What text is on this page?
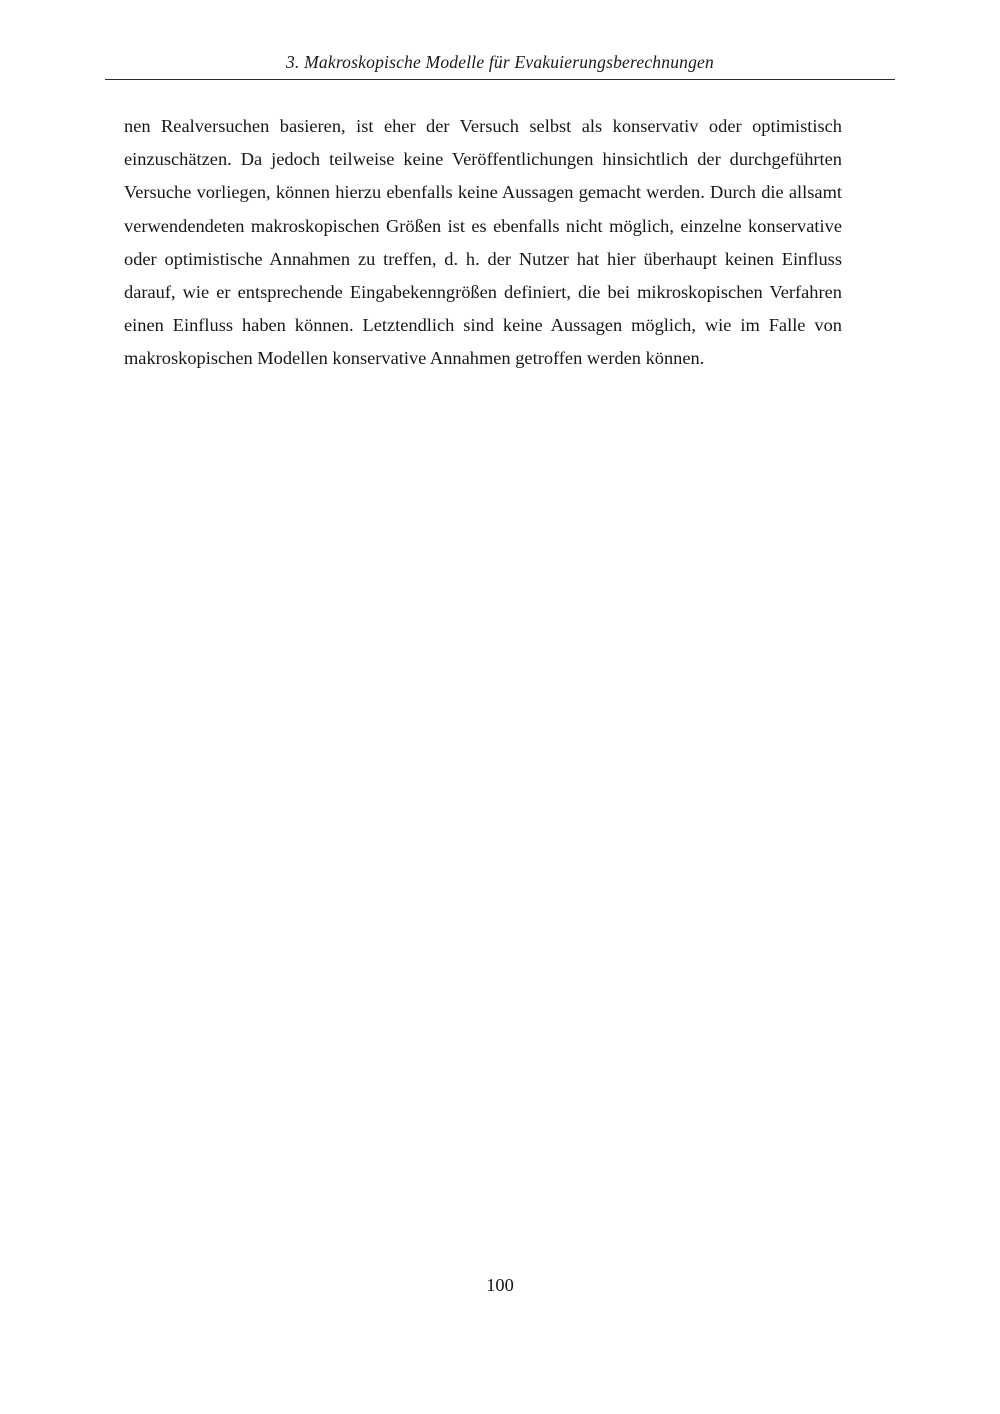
3. Makroskopische Modelle für Evakuierungsberechnungen
nen Realversuchen basieren, ist eher der Versuch selbst als konservativ oder optimistisch einzuschätzen. Da jedoch teilweise keine Veröffentlichungen hinsichtlich der durchgeführten Versuche vorliegen, können hierzu ebenfalls keine Aussagen gemacht werden. Durch die allsamt verwendendeten makroskopischen Größen ist es ebenfalls nicht möglich, einzelne konservative oder optimistische Annahmen zu treffen, d. h. der Nutzer hat hier überhaupt keinen Einfluss darauf, wie er entsprechende Eingabekenngrößen definiert, die bei mikroskopischen Verfahren einen Einfluss haben können. Letztendlich sind keine Aussagen möglich, wie im Falle von makroskopischen Modellen konservative Annahmen getroffen werden können.
100
